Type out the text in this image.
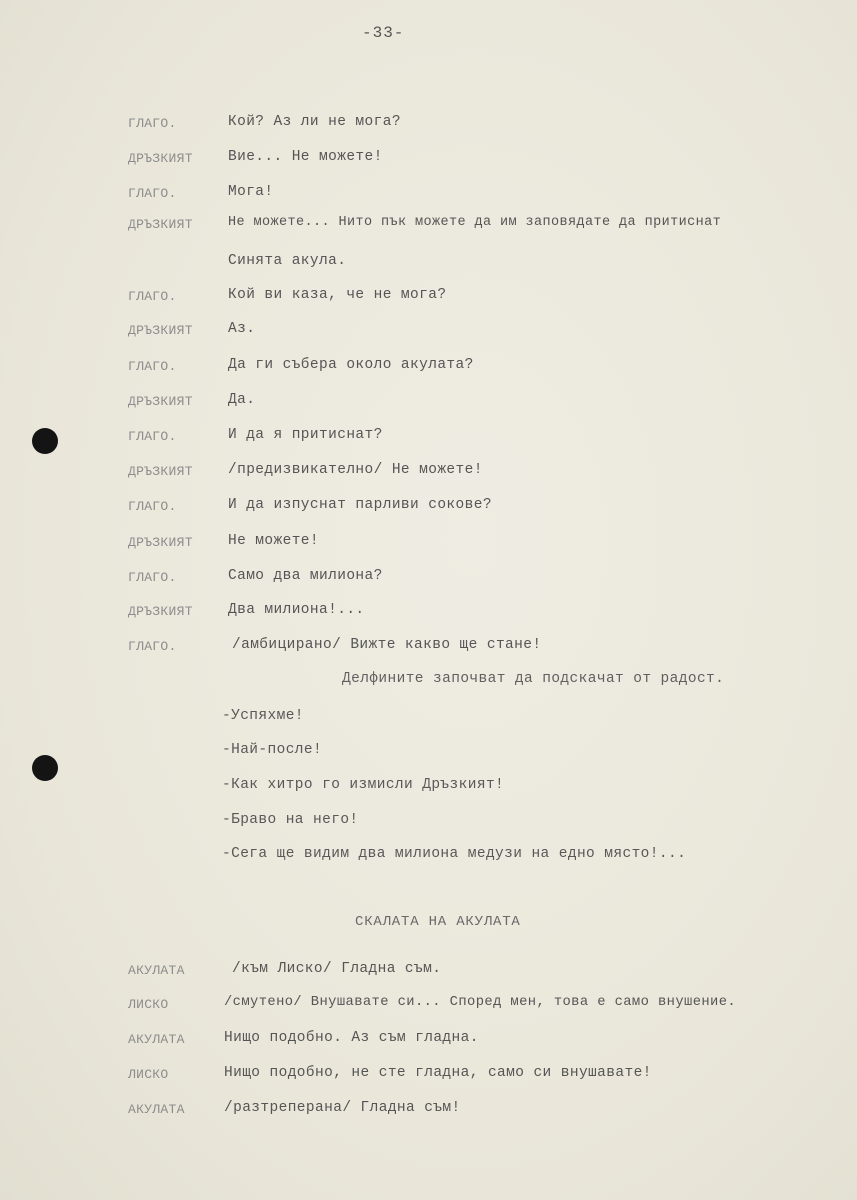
-33-
ГЛАГО.	Кой? Аз ли не мога?
ДРЪЗКИЯТ Вие... Не можете!
ГЛАГО.	Мога!
ДРЪЗКИЯТ	Не можете... Нито пък можете да им заповядате да притиснат
Синята акула.
ГЛАГО.	Кой ви каза, че не мога?
ДРЪЗКИЯТ Аз.
ГЛАГО.	Да ги събера около акулата?
ДРЪЗКИЯТ Да.
ГЛАГО.	И да я притиснат?
ДРЪЗКИЯТ /предизвикателно/ Не можете!
ГЛАГО.	И да изпуснат парливи сокове?
ДРЪЗКИЯТ Не можете!
ГЛАГО.	Само два милиона?
ДРЪЗКИЯТ Два милиона!...
ГЛАГО.	/амбицирано/ Вижте какво ще стане!
Делфините започват да подскачат от радост.
-Успяхме!
-Най-после!
-Как хитро го измисли Дръзкият!
-Браво на него!
-Сега ще видим два милиона медузи на едно място!...
СКАЛАТА НА АКУЛАТА
АКУЛАТА	/към Лиско/ Гладна съм.
ЛИСКО	/смутено/ Внушавате си... Според мен, това е само внушение.
АКУЛАТА	Нищо подобно. Аз съм гладна.
ЛИСКО	Нищо подобно, не сте гладна, само си внушавате!
АКУЛАТА	/разтреперана/ Гладна съм!
